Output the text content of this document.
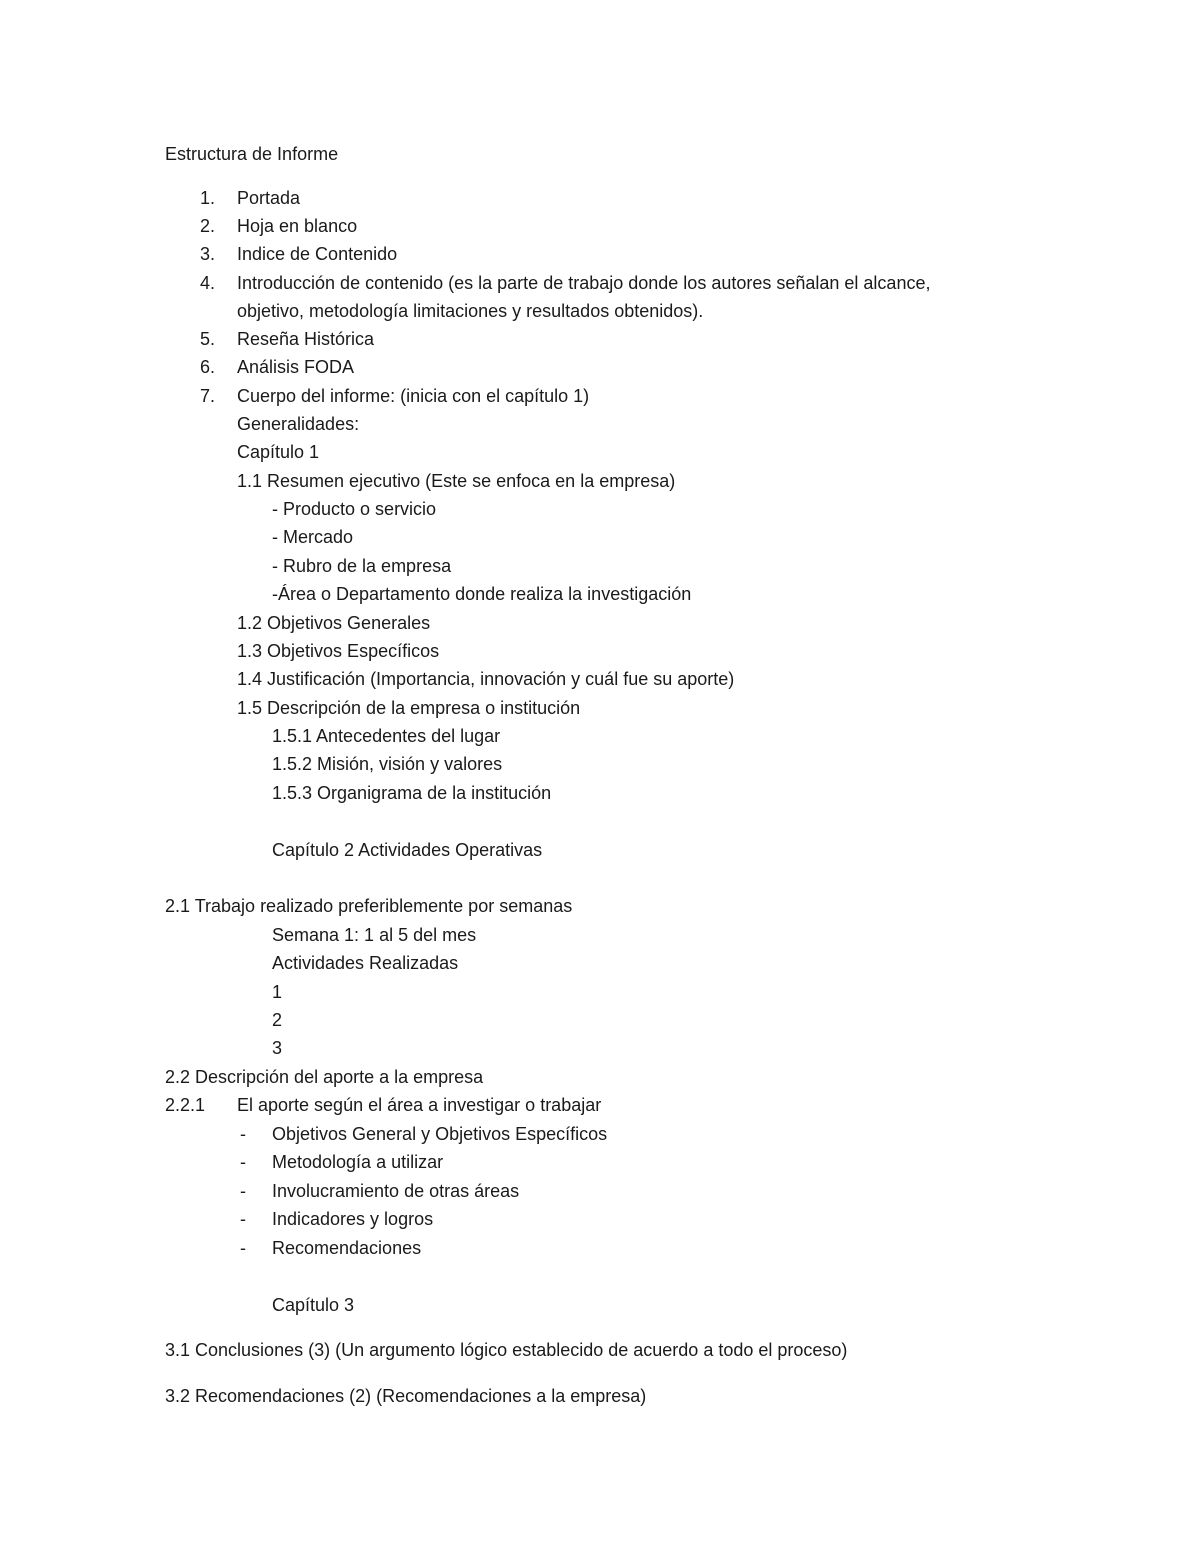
Estructura de Informe
1. Portada
2. Hoja en blanco
3. Indice de Contenido
4. Introducción de contenido (es la parte de trabajo donde los autores señalan el alcance,
objetivo, metodología limitaciones y resultados obtenidos).
5. Reseña Histórica
6. Análisis FODA
7. Cuerpo del informe: (inicia con el capítulo 1)
Generalidades:
Capítulo 1
1.1 Resumen ejecutivo (Este se enfoca en la empresa)
- Producto o servicio
- Mercado
- Rubro de la empresa
-Área o Departamento donde realiza la investigación
1.2 Objetivos Generales
1.3 Objetivos Específicos
1.4 Justificación (Importancia, innovación y cuál fue su aporte)
1.5 Descripción de la empresa o institución
1.5.1 Antecedentes del lugar
1.5.2 Misión, visión y valores
1.5.3 Organigrama de la institución
Capítulo 2 Actividades Operativas
2.1 Trabajo realizado preferiblemente por semanas
Semana 1: 1 al 5 del mes
Actividades Realizadas
1
2
3
2.2 Descripción del aporte a la empresa
2.2.1 El aporte según el área a investigar o trabajar
- Objetivos General y Objetivos Específicos
- Metodología a utilizar
- Involucramiento de otras áreas
- Indicadores y logros
- Recomendaciones
Capítulo 3
3.1 Conclusiones (3) (Un argumento lógico establecido de acuerdo a todo el proceso)
3.2 Recomendaciones (2) (Recomendaciones a la empresa)
